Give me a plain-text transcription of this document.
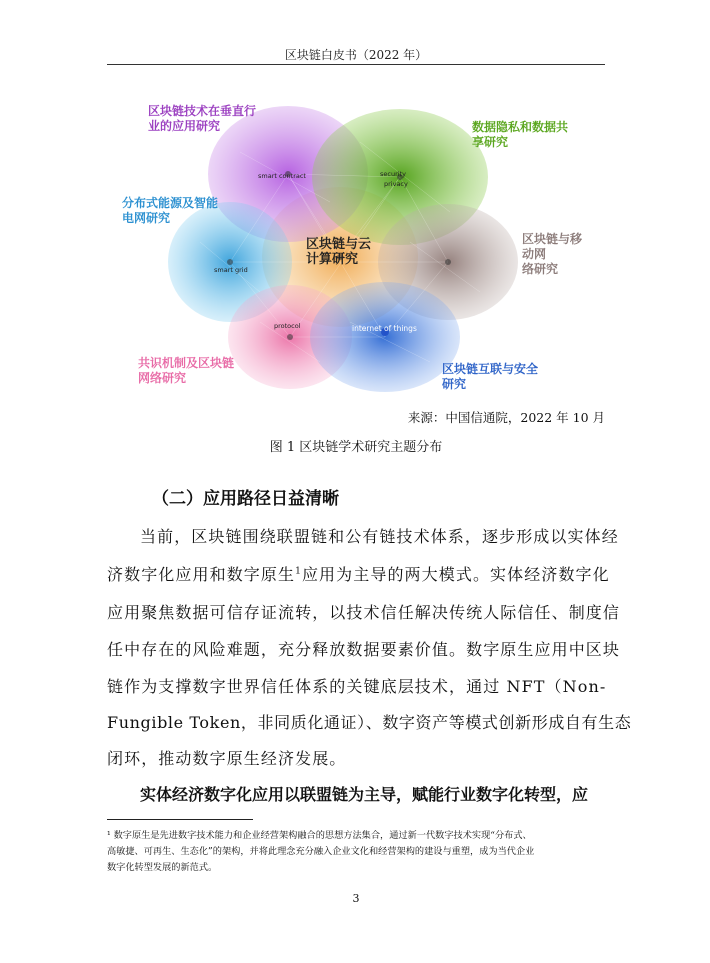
区块链白皮书（2022 年）
区块链技术在垂直行
业的应用研究	数据隐私和数据共
享研究
分布式能源及智能
电网研究
区块链与云
计算研究
区块链与移动网
络研究
共识机制及区块链
网络研究
区块链互联与安全
研究
smart contract	security
privacy
smart grid
protocol	internet of things
来源：中国信通院，2022 年 10 月
图 1 区块链学术研究主题分布
（二）应用路径日益清晰
当前，区块链围绕联盟链和公有链技术体系，逐步形成以实体经
济数字化应用和数字原生$^1$应用为主导的两大模式。实体经济数字化
应用聚焦数据可信存证流转，以技术信任解决传统人际信任、制度信
任中存在的风险难题，充分释放数据要素价值。数字原生应用中区块
链作为支撑数字世界信任体系的关键底层技术，通过 NFT（Non-
Fungible Token，非同质化通证）、数字资产等模式创新形成自有生态
闭环，推动数字原生经济发展。
实体经济数字化应用以联盟链为主导，赋能行业数字化转型，应
¹ 数字原生是先进数字技术能力和企业经营架构融合的思想方法集合，通过新一代数字技术实现“分布式、
高敏捷、可再生、生态化”的架构，并将此理念充分融入企业文化和经营架构的建设与重塑，成为当代企业
数字化转型发展的新范式。
3
